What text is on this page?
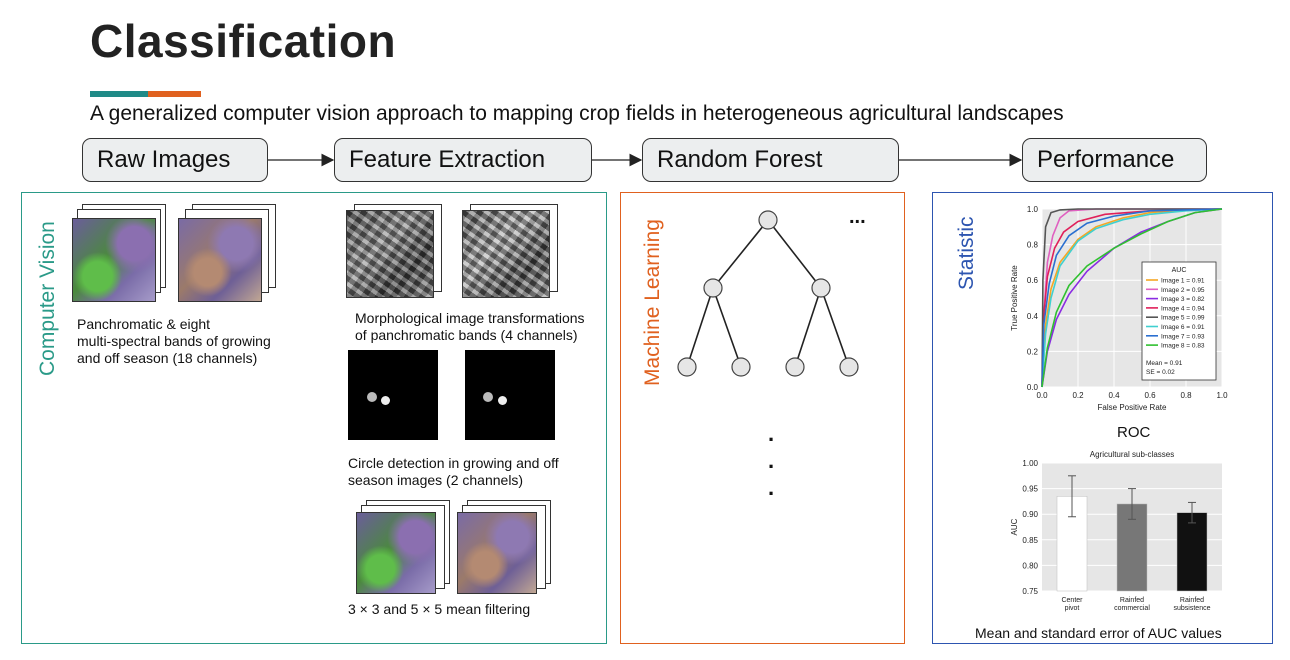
Classification
A generalized computer vision approach to mapping crop fields in heterogeneous agricultural landscapes
Raw Images	Feature Extraction	Random Forest	Performance
Computer Vision Panchromatic & eight
multi-spectral bands of growing
and off season (18 channels)
Morphological image transformations
of panchromatic bands (4 channels)
Circle detection in growing and off
season images (2 channels)
3 × 3 and 5 × 5 mean filtering
Machine Learning
...
.
.
.
Statistic
0.0	0.2	0.4	0.6	0.8	1.0
0.0
0.2
0.4
0.6
0.8
1.0
False Positive Rate
True Positive Rate	AUC
Image 1 = 0.91
Image 2 = 0.95
Image 3 = 0.82
Image 4 = 0.94
Image 5 = 0.99
Image 6 = 0.91
Image 7 = 0.93
Image 8 = 0.83
Mean = 0.91
SE = 0.02
ROC
Agricultural sub-classes
0.75
0.80
0.85
0.90
0.95
1.00
AUC
Center
pivot
Rainfed
commercial
Rainfed
subsistence
Mean and standard error of AUC values
